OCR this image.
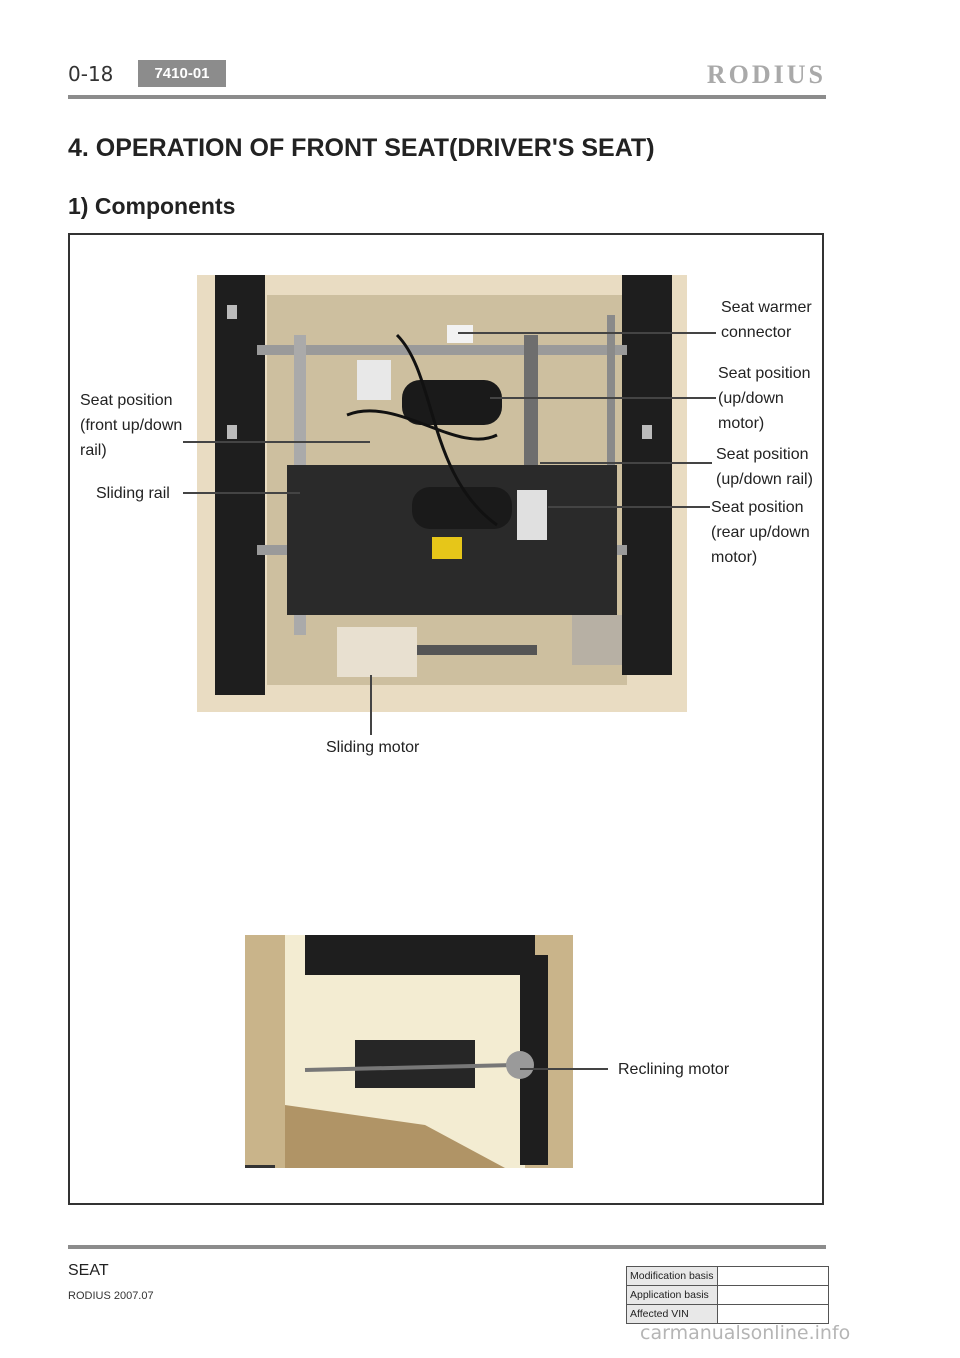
0-18	7410-01	RODIUS
4. OPERATION OF FRONT SEAT(DRIVER'S SEAT)
1) Components
Seat warmer
connector
Seat position
(up/down
motor)
Seat position
(front up/down
rail)	Seat position
(up/down rail)
Sliding rail
Seat position
(rear up/down
motor)
Sliding motor
Reclining motor
SEAT
RODIUS 2007.07
Modification basis	
Application basis	
Affected VIN	
carmanualsonline.info
